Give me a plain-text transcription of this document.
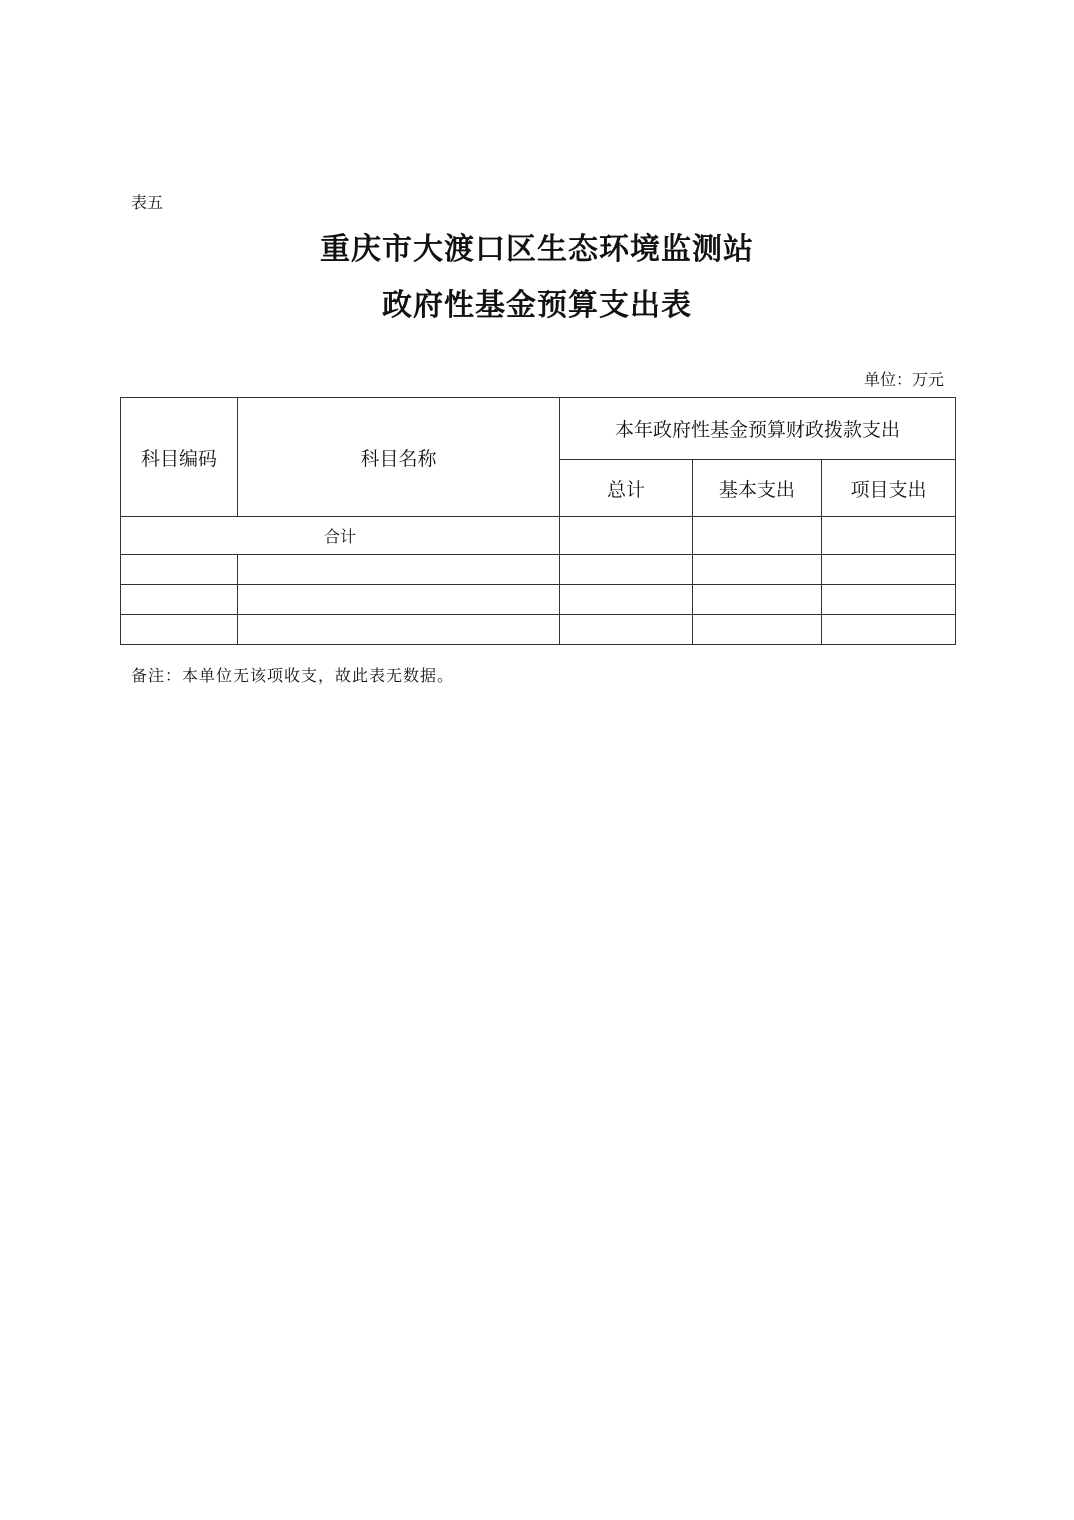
表五
重庆市大渡口区生态环境监测站
政府性基金预算支出表
单位：万元
科目编码	科目名称	本年政府性基金预算财政拨款支出		
		总计	基本支出	项目支出
合计				

备注：本单位无该项收支，故此表无数据。
